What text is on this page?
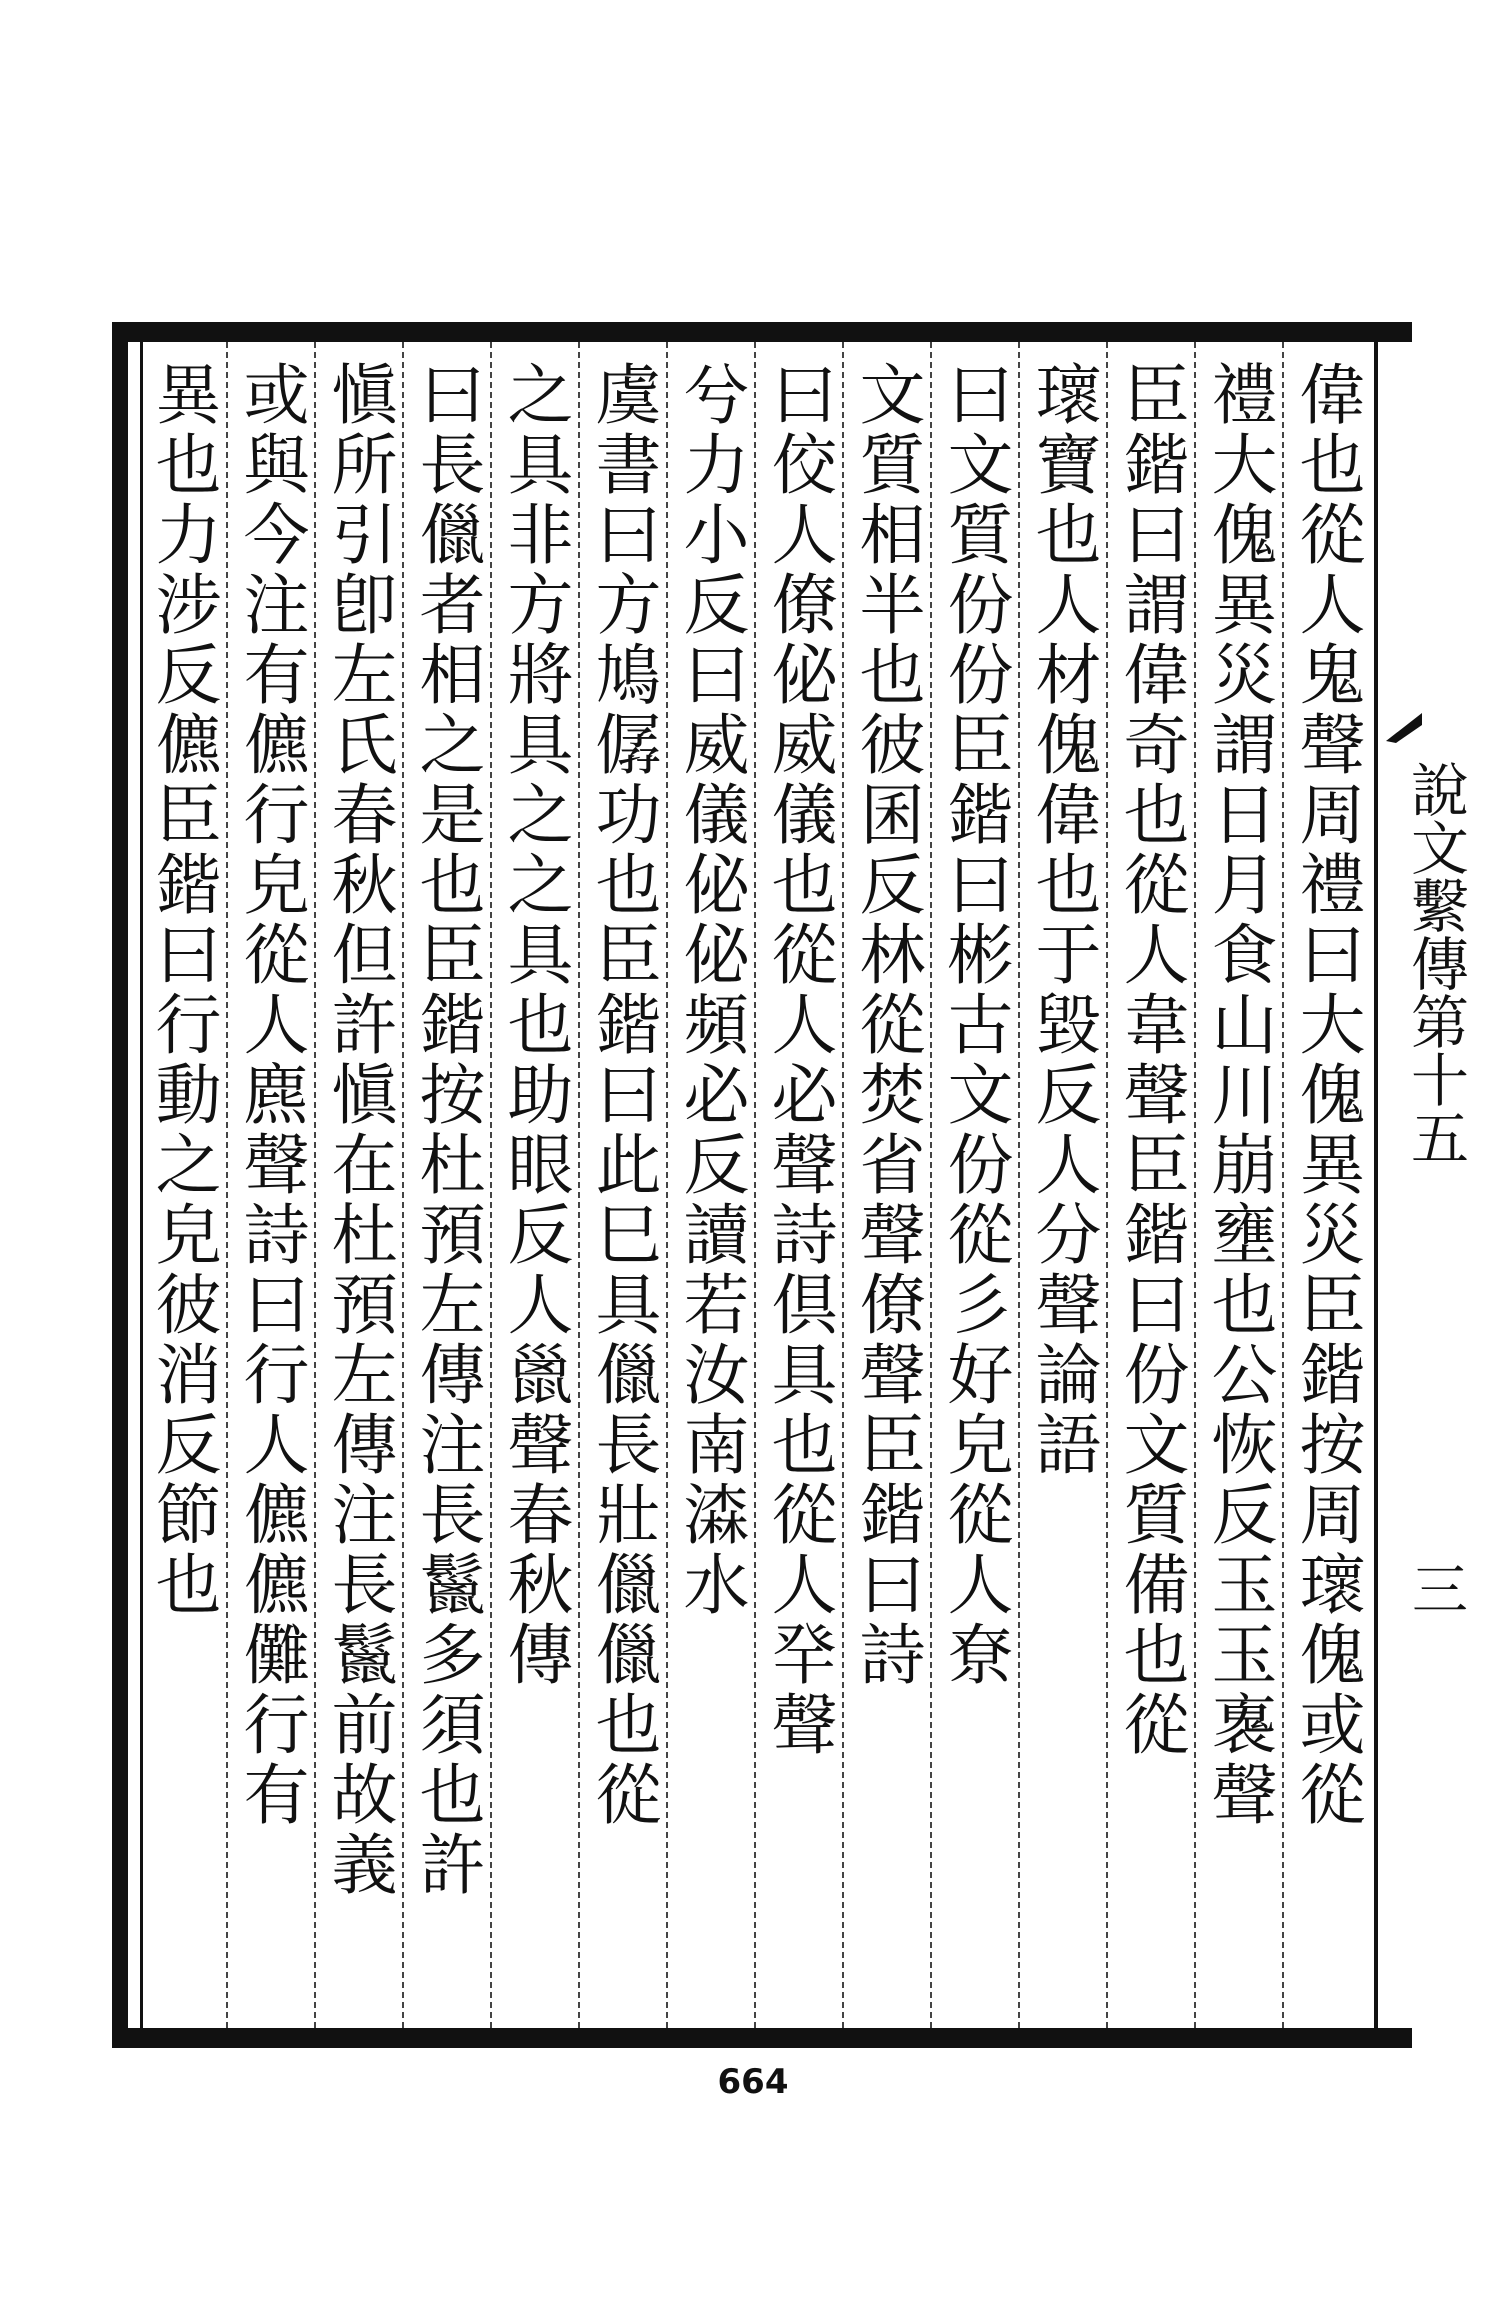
偉也從人鬼聲周禮曰大傀異災臣鍇按周瓌傀或從
禮大傀異災謂日月食山川崩壅也公恢反玉玉褢聲
臣鍇曰謂偉奇也從人韋聲臣鍇曰份文質備也從
瓌寶也人材傀偉也于毀反人分聲論語
曰文質份份臣鍇曰彬古文份從彡好皃從人尞
文質相半也彼囷反林從焚省聲僚聲臣鍇曰詩
曰佼人僚佖威儀也從人必聲詩倶具也從人癷聲
兮力小反曰威儀佖佖頻必反讀若汝南潹水
虞書曰方鳩僝功也臣鍇曰此巳具儠長壯儠儠也從
之具非方將具之之具也助眼反人巤聲春秋傳
曰長儠者相之是也臣鍇按杜預左傳注長鬣多須也許
愼所引卽左氏春秋但許愼在杜預左傳注長鬣前故義
或與今注有儦行皃從人麃聲詩曰行人儦儦儺行有
異也力涉反儦臣鍇曰行動之皃彼消反節也	說文繫傳第十五
三
664
